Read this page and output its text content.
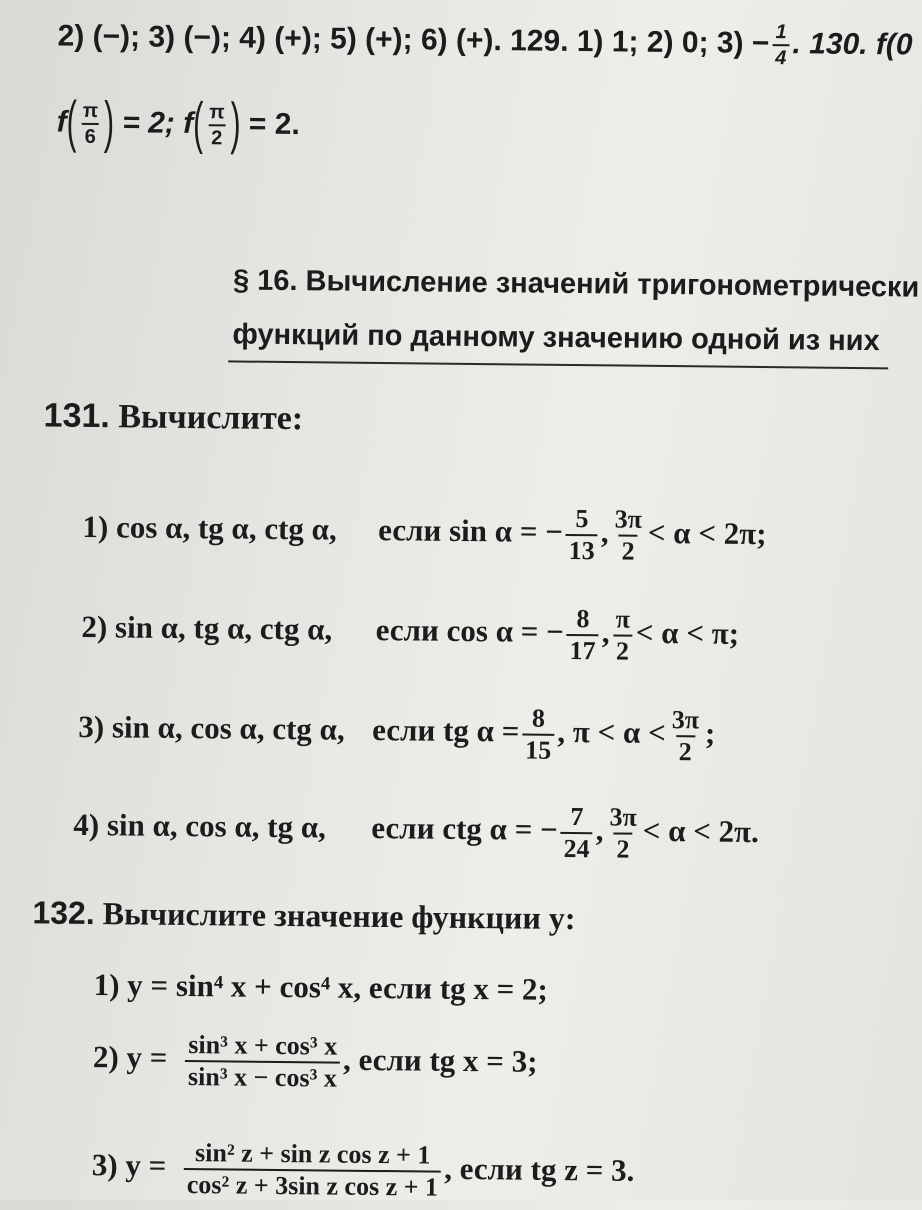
2) (−); 3) (−); 4) (+); 5) (+); 6) (+). 129. 1) 1; 2) 0; $3) - \frac{1}{4}$ . 130. f(0
$f( \frac{\pi}{6}$ ) = 2; $f( \frac{\pi}{2}$ ) = 2.
§ 16. Вычисление значений тригонометрически
функций по данному значению одной из них
131. Вычислите:
1) cos α, tg α, ctg α, если sin α = − $\frac{5}{13}$ , $\frac{3\pi}{2} < \alpha < 2\pi$;
2) sin α, tg α, ctg α, если cos α = − $\frac{8}{17}$ , $\frac{\pi}{2} < \alpha < \pi$;
3) sin α, cos α, ctg α, если tg $\alpha = \frac{8}{15}$ , $\pi < \alpha < \frac{3\pi}{2}$ ;
4) sin α, cos α, tg α, если ctg α = − $\frac{7}{24}$ , $\frac{3\pi}{2} < \alpha < 2\pi$.
132. Вычислите значение функции y:
1) y = sin⁴ x + cos⁴ x, если tg x = 2;
2) $y = \frac{\text{sin³ x + cos³ x}}{\text{sin³ x − cos³ x}}$ , если tg x = 3;
3) $y = \frac{\text{sin² z + sin z cos z + 1}}{\text{cos² z + 3sin z cos z + 1}}$ , если tg z = 3.
